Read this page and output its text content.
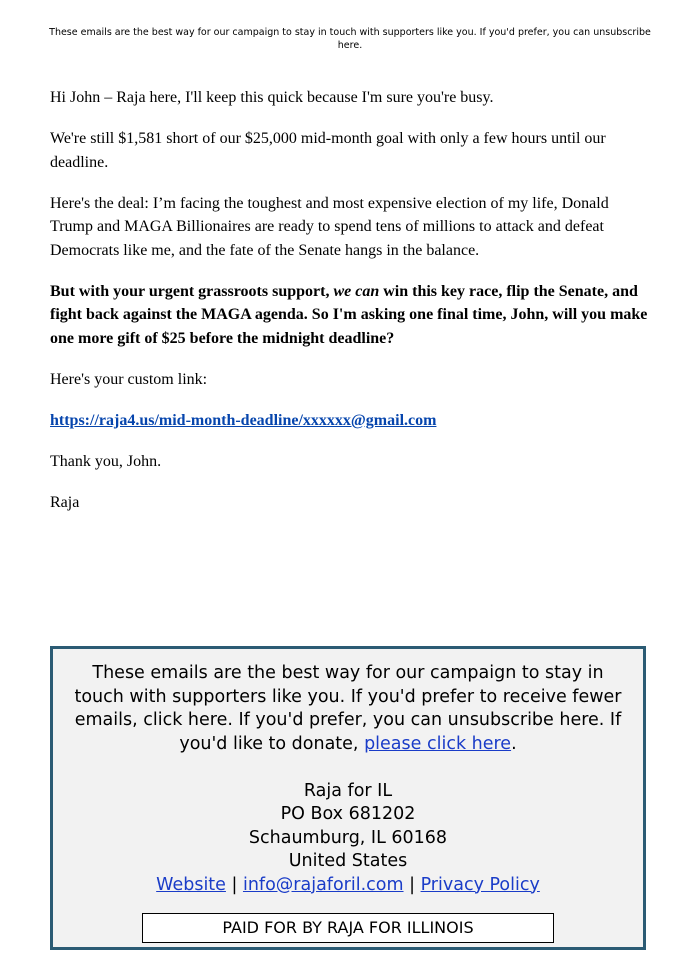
These emails are the best way for our campaign to stay in touch with supporters like you. If you'd prefer, you can unsubscribe here.

Hi John – Raja here, I'll keep this quick because I'm sure you're busy.

We're still $1,581 short of our $25,000 mid-month goal with only a few hours until our deadline.

Here's the deal: I’m facing the toughest and most expensive election of my life, Donald Trump and MAGA Billionaires are ready to spend tens of millions to attack and defeat Democrats like me, and the fate of the Senate hangs in the balance.

But with your urgent grassroots support, we can win this key race, flip the Senate, and fight back against the MAGA agenda. So I'm asking one final time, John, will you make one more gift of $25 before the midnight deadline?

Here's your custom link:

https://raja4.us/mid-month-deadline/xxxxxx@gmail.com

Thank you, John.

Raja

These emails are the best way for our campaign to stay in touch with supporters like you. If you'd prefer to receive fewer emails, click here. If you'd prefer, you can unsubscribe here. If you'd like to donate, please click here.
Raja for IL
PO Box 681202
Schaumburg, IL 60168
United States
Website | info@rajaforil.com | Privacy Policy
PAID FOR BY RAJA FOR ILLINOIS
